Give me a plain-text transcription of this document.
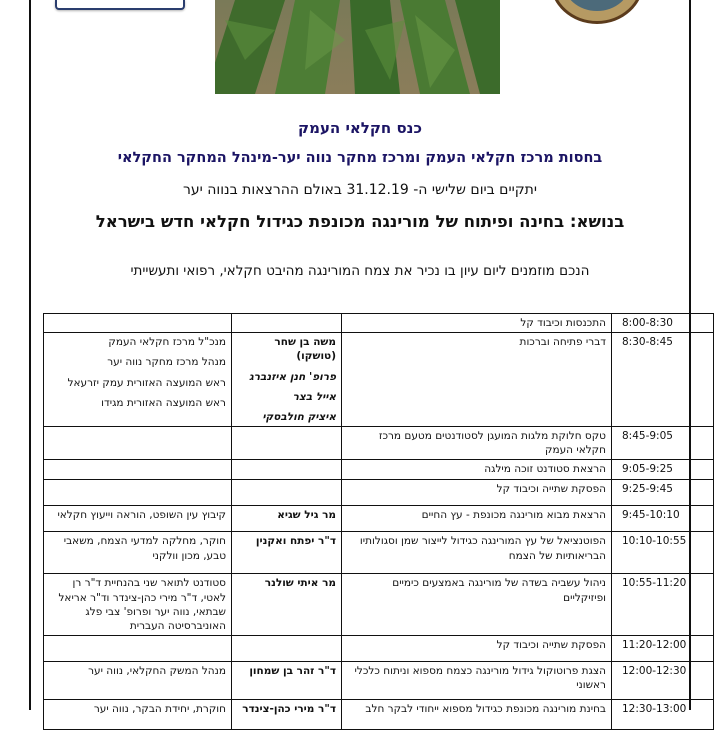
כנס חקלאי העמק
בחסות מרכז חקלאי העמק ומרכז מחקר נווה יער-מינהל המחקר החקלאי
יתקיים ביום שלישי ה- 31.12.19 באולם ההרצאות בנווה יער
בנושא: בחינה ופיתוח של מורינגה מכונפת כגידול חקלאי חדש בישראל
הנכם מוזמנים ליום עיון בו נכיר את צמח המורינגה מהיבט חקלאי, רפואי ותעשייתי

	התכנסות וכיבוד קל	8:00-8:30

מנכ"ל מרכז חקלאי העמק
מנהל מרכז מחקר נווה יער
ראש המועצה האזורית עמק יזרעאל
ראש המועצה האזורית מגידו	משה בן שחר (טושקו)
פרופ' חנן איזנברג
אייל בצר
איציק חולבסקי	דברי פתיחה וברכות	8:30-8:45

	טקס חלוקת מלגות המועגן לסטודנטים מטעם מרכז חקלאי העמק	8:45-9:05

	הרצאת סטודנט זוכה מילגה	9:05-9:25

	הפסקת שתייה וכיבוד קל	9:25-9:45

קיבוץ עין השופט, הוראה וייעוץ חקלאי	מר גיל שגיא	הרצאת מבוא מורינגה מכונפת - עץ החיים	9:45-10:10

חוקר, מחלקה למדעי הצמח, משאבי טבע, מכון וולקני	ד"ר יפתח ואקנין	הפוטנציאל של עץ המורינגה כגידול לייצור שמן וסגולותיו הבריאותיות של הצמח	10:10-10:55

סטודנט לתואר שני בהנחיית ד"ר רן לאטי, ד"ר מירי כהן-צינדר וד"ר אריאל שבתאי, נווה יער ופרופ' צבי פלג האוניברסיטה העברית	מר איתי שולנר	ניהול עשביה בשדה של מורינגה באמצעים כימיים ופיזיקליים	10:55-11:20

	הפסקת שתייה וכיבוד קל	11:20-12:00

מנהל המשק החקלאי, נווה יער	ד"ר זהר בן שמחון	הצגת פרוטוקול גידול מורינגה כצמח מספוא וניתוח כלכלי ראשוני	12:00-12:30

חוקרת, יחידת הבקר, נווה יער	ד"ר מירי כהן-צינדר	בחינת מורינגה מכונפת כגידול מספוא ייחודי לבקר חלב	12:30-13:00
